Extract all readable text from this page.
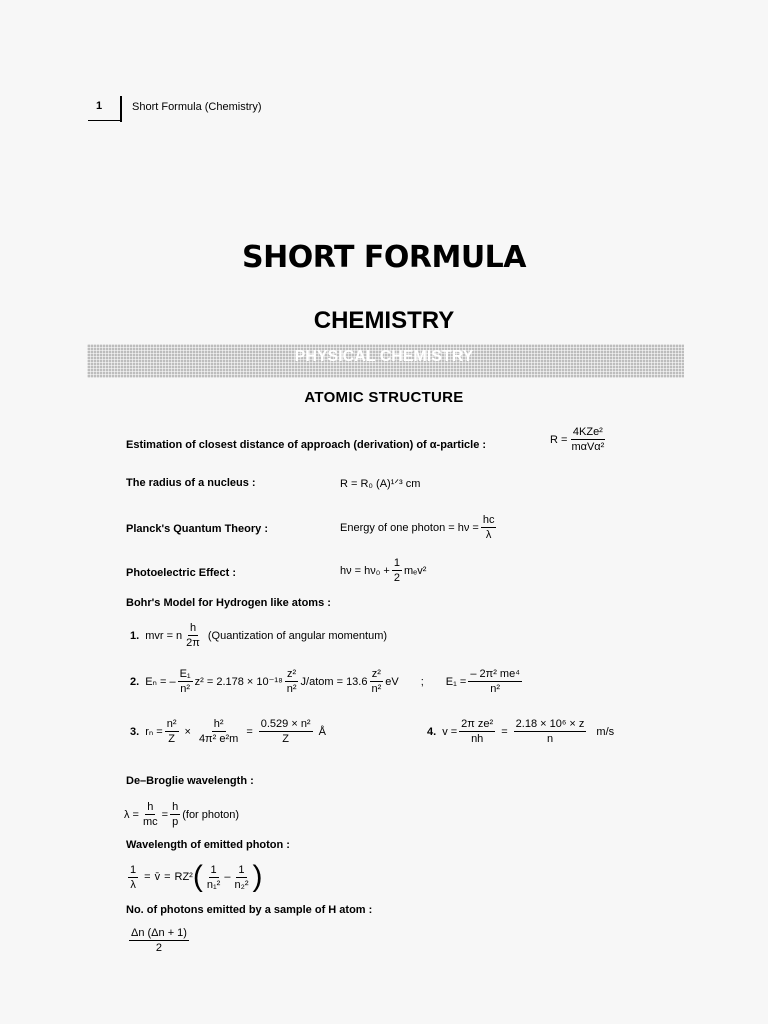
1	Short Formula (Chemistry)
SHORT FORMULA
CHEMISTRY
PHYSICAL CHEMISTRY
ATOMIC STRUCTURE
Estimation of closest distance of approach (derivation) of α-particle :	$R = \frac{\text{4KZe²}}{\text{mαVα²}}$
The radius of a nucleus :	R = R₀ (A)¹ᐟ³ cm
Planck's Quantum Theory :	Energy of one photon = $h\nu = \frac{hc}{\lambda}$
Photoelectric Effect :	$h\nu = h\nu_0 + \frac{1}{2} m_ev^2$
Bohr's Model for Hydrogen like atoms :
1. mvr = n $\frac{h}{2\pi}$ (Quantization of angular momentum)
2. Eₙ = – $\frac{\text{E₁}}{\text{n²}} z^2 = 2.178 \times 10^{-18} \frac{\text{z²}}{\text{n²}}$ J/atom = $13.6 \frac{\text{z²}}{\text{n²}}$ eV ; $E_1 = \frac{\text{– 2π² me⁴}}{\text{n²}}$
3. $r_n = \frac{\text{n²}}{Z} \times \frac{\text{h²}}{\text{4π² e²m}} = \frac{\text{0.529 × n²}}{Z}$ Å	4. $v = \frac{\text{2π ze²}}{nh} = \frac{\text{2.18 × 10⁶ × z}}{n} m/s$
De–Broglie wavelength :
$\lambda = \frac{h}{mc} = \frac{h}{p} (for$ photon)
Wavelength of emitted photon :
$\frac{1}{\lambda}$ = v̄ = RZ² ( $\frac{1}{\text{n₁²}} - \frac{1}{\text{n₂²}}$ )
No. of photons emitted by a sample of H atom :
$\frac{\Delta n (\Delta n + 1)}{2}$
